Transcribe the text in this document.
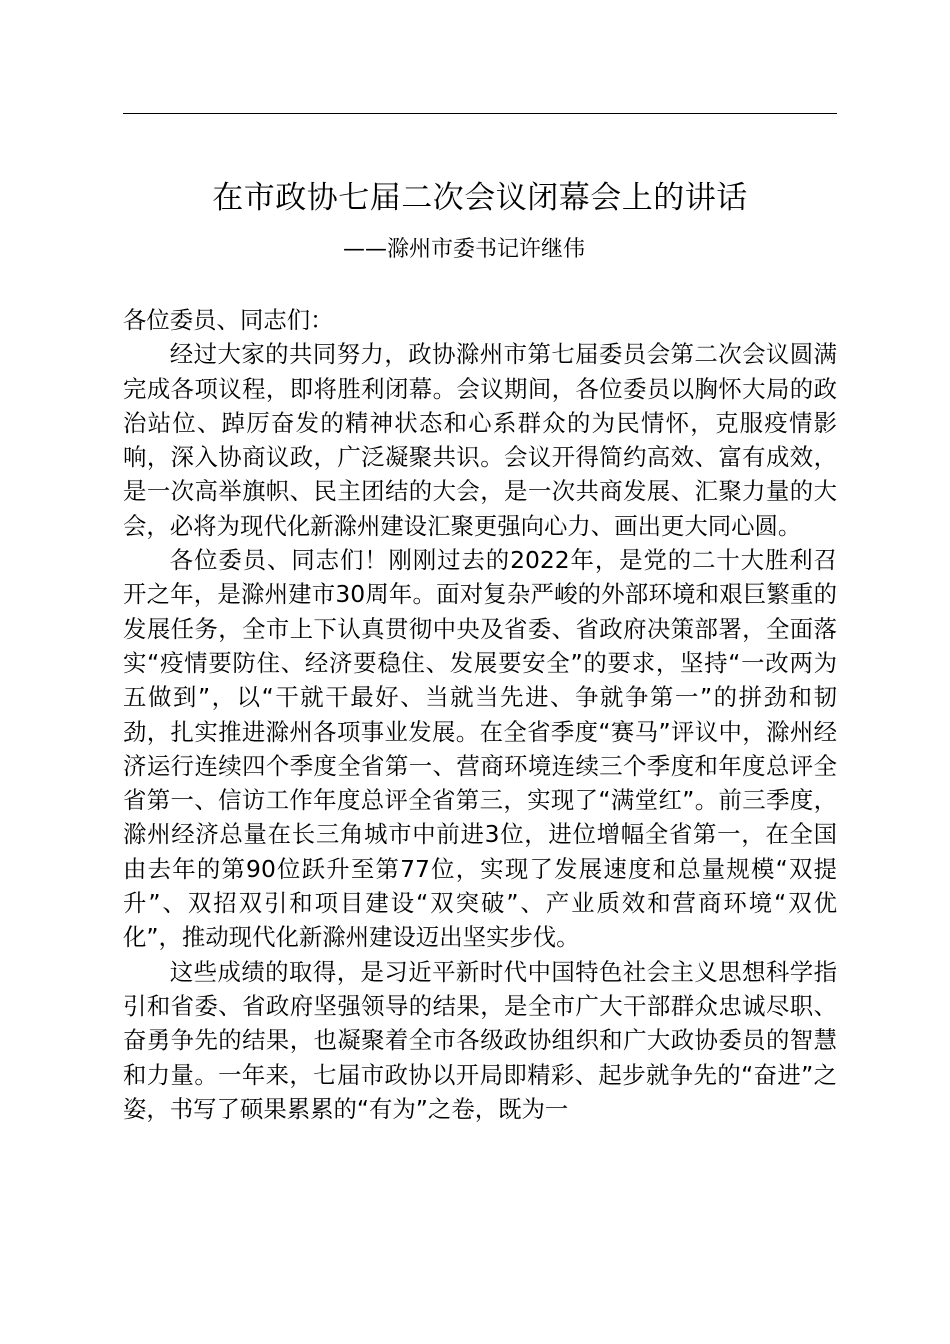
在市政协七届二次会议闭幕会上的讲话
——滁州市委书记许继伟

各位委员、同志们：

经过大家的共同努力，政协滁州市第七届委员会第二次会议圆满完成各项议程，即将胜利闭幕。会议期间，各位委员以胸怀大局的政治站位、踔厉奋发的精神状态和心系群众的为民情怀，克服疫情影响，深入协商议政，广泛凝聚共识。会议开得简约高效、富有成效，是一次高举旗帜、民主团结的大会，是一次共商发展、汇聚力量的大会，必将为现代化新滁州建设汇聚更强向心力、画出更大同心圆。

各位委员、同志们！刚刚过去的2022年，是党的二十大胜利召开之年，是滁州建市30周年。面对复杂严峻的外部环境和艰巨繁重的发展任务，全市上下认真贯彻中央及省委、省政府决策部署，全面落实“疫情要防住、经济要稳住、发展要安全”的要求，坚持“一改两为五做到”，以“干就干最好、当就当先进、争就争第一”的拼劲和韧劲，扎实推进滁州各项事业发展。在全省季度“赛马”评议中，滁州经济运行连续四个季度全省第一、营商环境连续三个季度和年度总评全省第一、信访工作年度总评全省第三，实现了“满堂红”。前三季度，滁州经济总量在长三角城市中前进3位，进位增幅全省第一，在全国由去年的第90位跃升至第77位，实现了发展速度和总量规模“双提升”、双招双引和项目建设“双突破”、产业质效和营商环境“双优化”，推动现代化新滁州建设迈出坚实步伐。

这些成绩的取得，是习近平新时代中国特色社会主义思想科学指引和省委、省政府坚强领导的结果，是全市广大干部群众忠诚尽职、奋勇争先的结果，也凝聚着全市各级政协组织和广大政协委员的智慧和力量。一年来，七届市政协以开局即精彩、起步就争先的“奋进”之姿，书写了硕果累累的“有为”之卷，既为一
